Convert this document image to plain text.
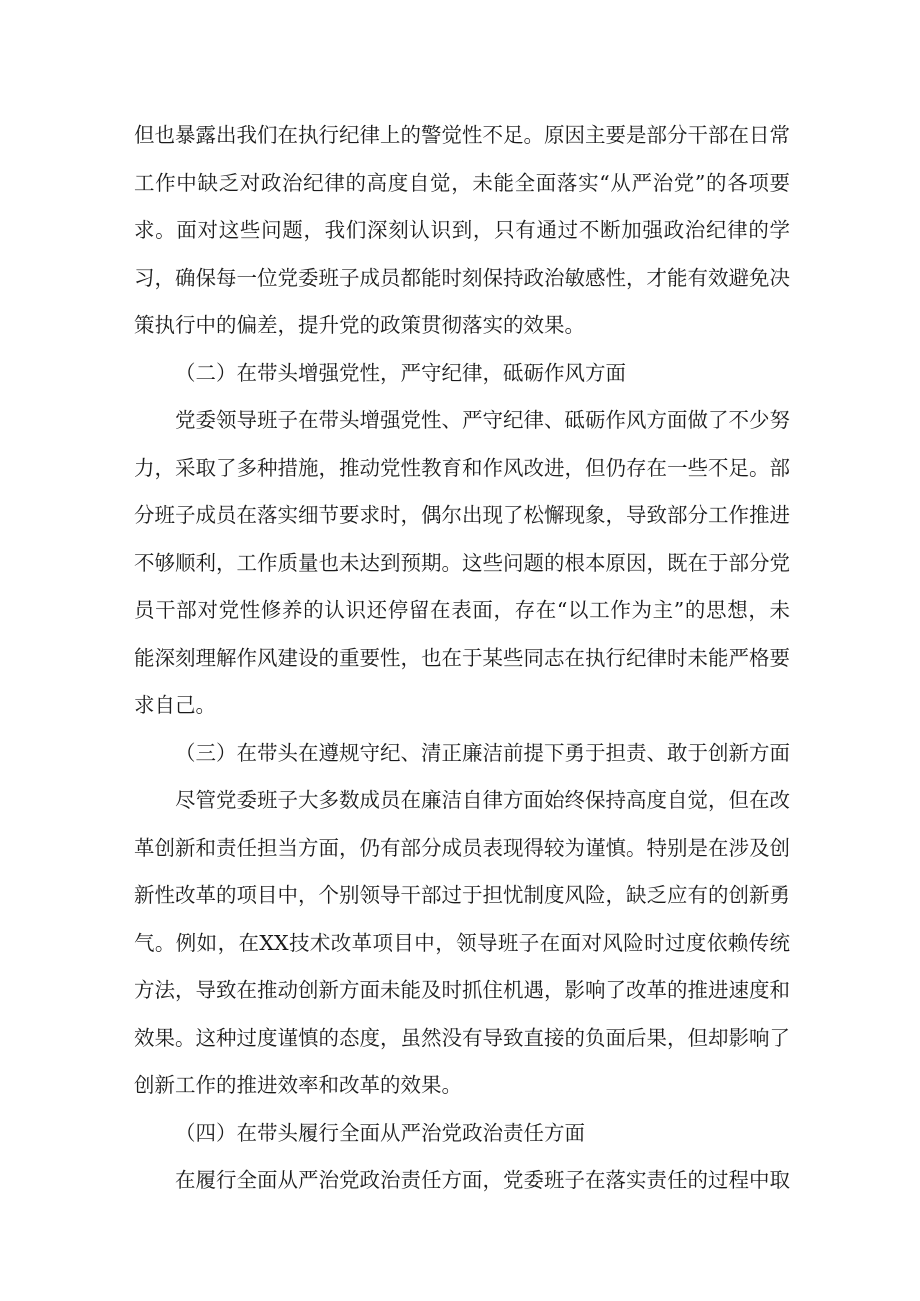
但也暴露出我们在执行纪律上的警觉性不足。原因主要是部分干部在日常工作中缺乏对政治纪律的高度自觉，未能全面落实“从严治党”的各项要求。面对这些问题，我们深刻认识到，只有通过不断加强政治纪律的学习，确保每一位党委班子成员都能时刻保持政治敏感性，才能有效避免决策执行中的偏差，提升党的政策贯彻落实的效果。

（二）在带头增强党性，严守纪律，砥砺作风方面

党委领导班子在带头增强党性、严守纪律、砥砺作风方面做了不少努力，采取了多种措施，推动党性教育和作风改进，但仍存在一些不足。部分班子成员在落实细节要求时，偶尔出现了松懈现象，导致部分工作推进不够顺利，工作质量也未达到预期。这些问题的根本原因，既在于部分党员干部对党性修养的认识还停留在表面，存在“以工作为主”的思想，未能深刻理解作风建设的重要性，也在于某些同志在执行纪律时未能严格要求自己。

（三）在带头在遵规守纪、清正廉洁前提下勇于担责、敢于创新方面

尽管党委班子大多数成员在廉洁自律方面始终保持高度自觉，但在改革创新和责任担当方面，仍有部分成员表现得较为谨慎。特别是在涉及创新性改革的项目中，个别领导干部过于担忧制度风险，缺乏应有的创新勇气。例如，在XX技术改革项目中，领导班子在面对风险时过度依赖传统方法，导致在推动创新方面未能及时抓住机遇，影响了改革的推进速度和效果。这种过度谨慎的态度，虽然没有导致直接的负面后果，但却影响了创新工作的推进效率和改革的效果。

（四）在带头履行全面从严治党政治责任方面

在履行全面从严治党政治责任方面，党委班子在落实责任的过程中取
